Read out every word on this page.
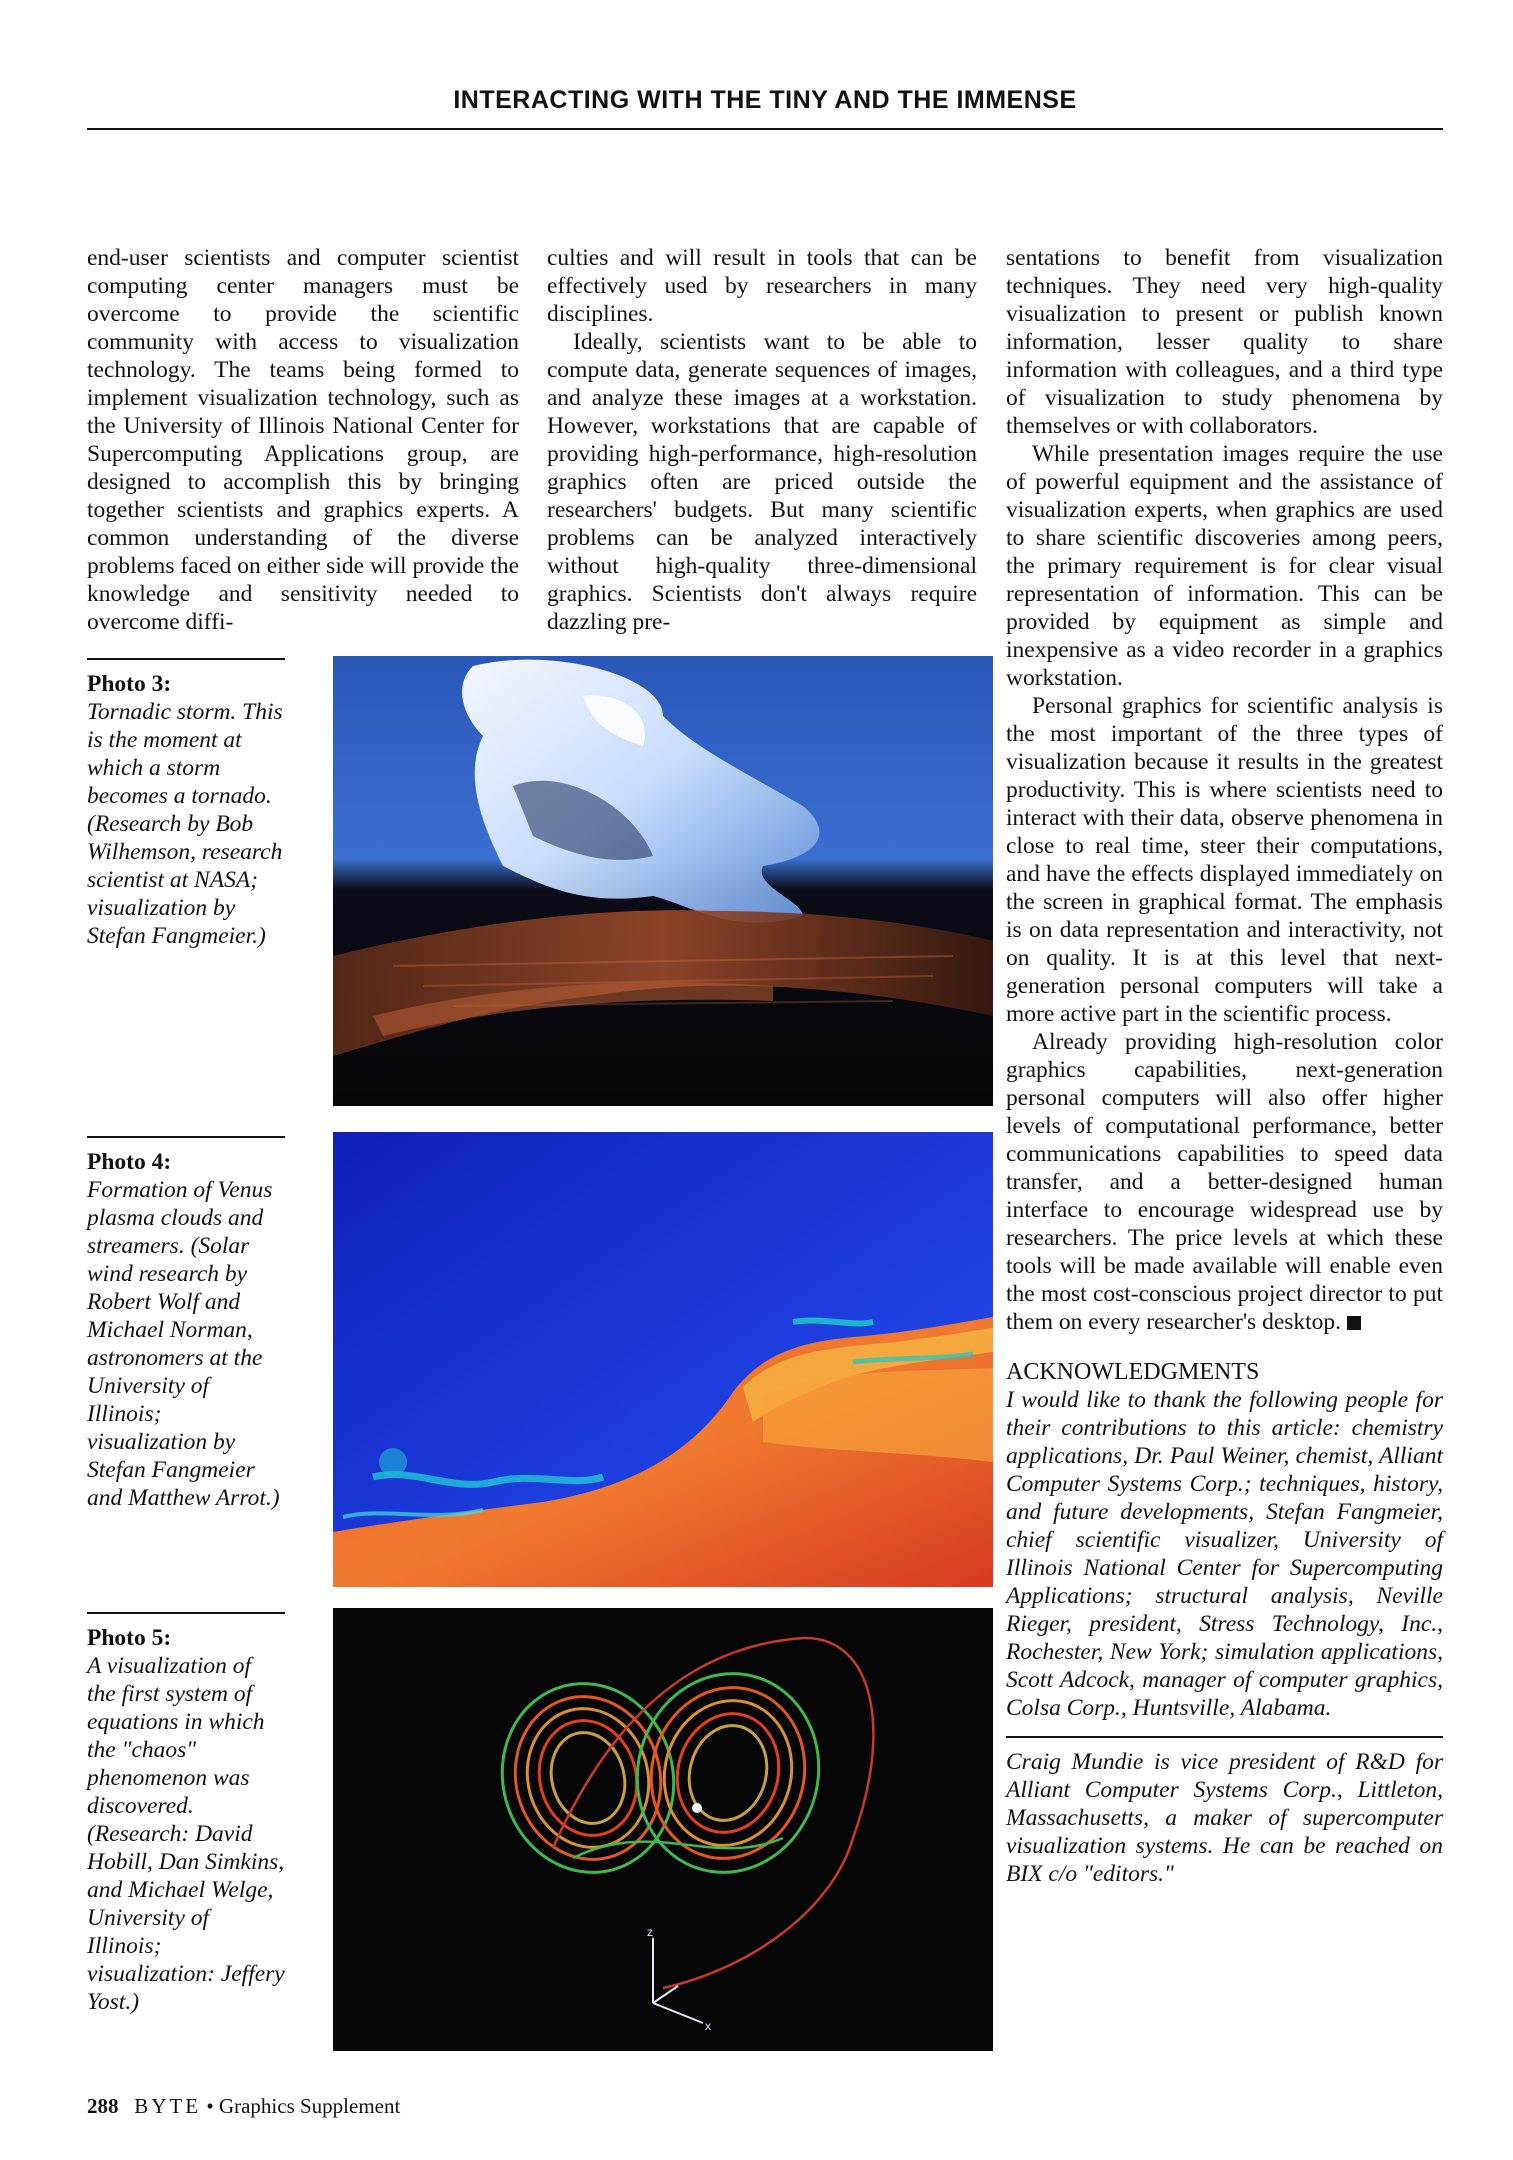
INTERACTING WITH THE TINY AND THE IMMENSE

end-user scientists and computer scientist computing center managers must be overcome to provide the scientific community with access to visualization technology. The teams being formed to implement visualization technology, such as the University of Illinois National Center for Supercomputing Applications group, are designed to accomplish this by bringing together scientists and graphics experts. A common understanding of the diverse problems faced on either side will provide the knowledge and sensitivity needed to overcome diffi-

culties and will result in tools that can be effectively used by researchers in many disciplines.

Ideally, scientists want to be able to compute data, generate sequences of images, and analyze these images at a workstation. However, workstations that are capable of providing high-performance, high-resolution graphics often are priced outside the researchers' budgets. But many scientific problems can be analyzed interactively without high-quality three-dimensional graphics. Scientists don't always require dazzling pre-

sentations to benefit from visualization techniques. They need very high-quality visualization to present or publish known information, lesser quality to share information with colleagues, and a third type of visualization to study phenomena by themselves or with collaborators.

While presentation images require the use of powerful equipment and the assistance of visualization experts, when graphics are used to share scientific discoveries among peers, the primary requirement is for clear visual representation of information. This can be provided by equipment as simple and inexpensive as a video recorder in a graphics workstation.

Personal graphics for scientific analysis is the most important of the three types of visualization because it results in the greatest productivity. This is where scientists need to interact with their data, observe phenomena in close to real time, steer their computations, and have the effects displayed immediately on the screen in graphical format. The emphasis is on data representation and interactivity, not on quality. It is at this level that next-generation personal computers will take a more active part in the scientific process.

Already providing high-resolution color graphics capabilities, next-generation personal computers will also offer higher levels of computational performance, better communications capabilities to speed data transfer, and a better-designed human interface to encourage widespread use by researchers. The price levels at which these tools will be made available will enable even the most cost-conscious project director to put them on every researcher's desktop.

ACKNOWLEDGMENTS
I would like to thank the following people for their contributions to this article: chemistry applications, Dr. Paul Weiner, chemist, Alliant Computer Systems Corp.; techniques, history, and future developments, Stefan Fangmeier, chief scientific visualizer, University of Illinois National Center for Supercomputing Applications; structural analysis, Neville Rieger, president, Stress Technology, Inc., Rochester, New York; simulation applications, Scott Adcock, manager of computer graphics, Colsa Corp., Huntsville, Alabama.
Craig Mundie is vice president of R&D for Alliant Computer Systems Corp., Littleton, Massachusetts, a maker of supercomputer visualization systems. He can be reached on BIX c/o "editors."
Photo 3:
Tornadic storm. This is the moment at which a storm becomes a tornado. (Research by Bob Wilhemson, research scientist at NASA; visualization by Stefan Fangmeier.)
Photo 4:
Formation of Venus plasma clouds and streamers. (Solar wind research by Robert Wolf and Michael Norman, astronomers at the University of Illinois; visualization by Stefan Fangmeier and Matthew Arrot.)
Photo 5:
A visualization of the first system of equations in which the "chaos" phenomenon was discovered. (Research: David Hobill, Dan Simkins, and Michael Welge, University of Illinois; visualization: Jeffery Yost.)
z
x
288 BYTE • Graphics Supplement
